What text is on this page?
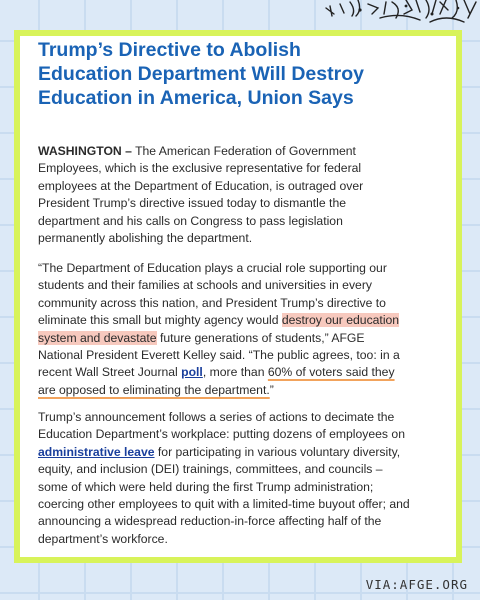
Trump’s Directive to Abolish Education Department Will Destroy Education in America, Union Says

WASHINGTON – The American Federation of Government Employees, which is the exclusive representative for federal employees at the Department of Education, is outraged over President Trump’s directive issued today to dismantle the department and his calls on Congress to pass legislation permanently abolishing the department.

“The Department of Education plays a crucial role supporting our students and their families at schools and universities in every community across this nation, and President Trump’s directive to eliminate this small but mighty agency would destroy our education system and devastate future generations of students,” AFGE National President Everett Kelley said. “The public agrees, too: in a recent Wall Street Journal poll, more than 60% of voters said they are opposed to eliminating the department.”

Trump’s announcement follows a series of actions to decimate the Education Department’s workplace: putting dozens of employees on administrative leave for participating in various voluntary diversity, equity, and inclusion (DEI) trainings, committees, and councils – some of which were held during the first Trump administration; coercing other employees to quit with a limited-time buyout offer; and announcing a widespread reduction-in-force affecting half of the department’s workforce.

VIA:AFGE.ORG
